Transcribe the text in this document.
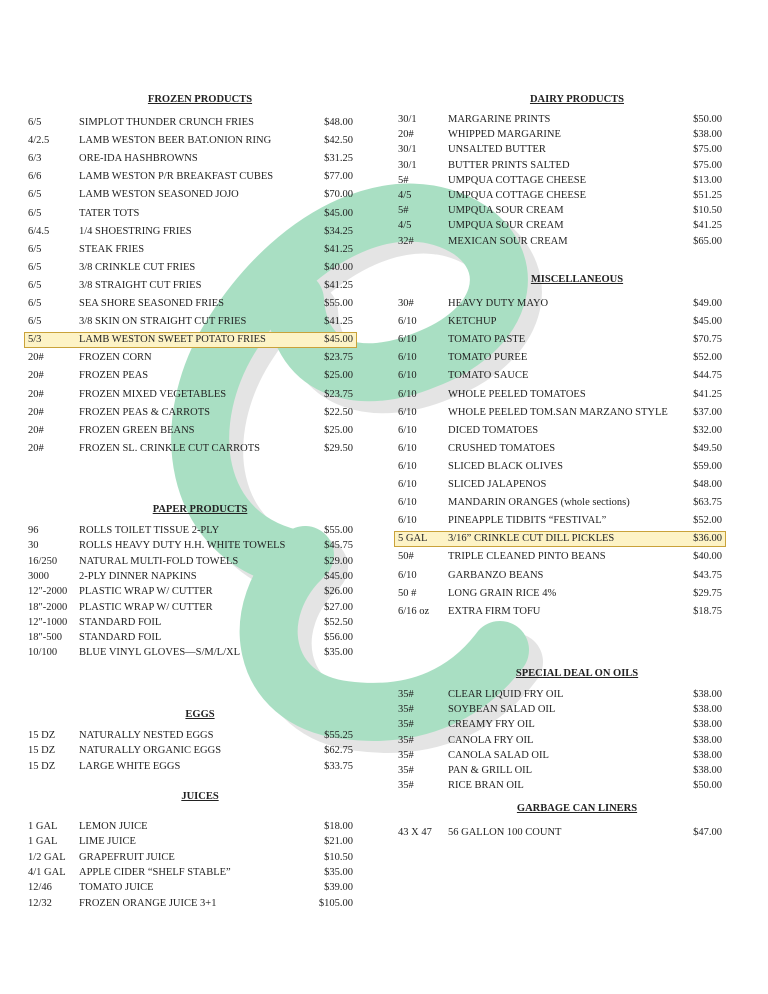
FROZEN PRODUCTS
6/5	SIMPLOT THUNDER CRUNCH FRIES	$48.00
4/2.5	LAMB WESTON BEER BAT.ONION RING	$42.50
6/3	ORE-IDA HASHBROWNS	$31.25
6/6	LAMB WESTON P/R BREAKFAST CUBES	$77.00
6/5	LAMB WESTON SEASONED JOJO	$70.00
6/5	TATER TOTS	$45.00
6/4.5	1/4 SHOESTRING FRIES	$34.25
6/5	STEAK FRIES	$41.25
6/5	3/8 CRINKLE CUT FRIES	$40.00
6/5	3/8 STRAIGHT CUT FRIES	$41.25
6/5	SEA SHORE SEASONED FRIES	$55.00
6/5	3/8 SKIN ON STRAIGHT CUT FRIES	$41.25
5/3	LAMB WESTON SWEET POTATO FRIES	$45.00
20#	FROZEN CORN	$23.75
20#	FROZEN PEAS	$25.00
20#	FROZEN MIXED VEGETABLES	$23.75
20#	FROZEN PEAS & CARROTS	$22.50
20#	FROZEN GREEN BEANS	$25.00
20#	FROZEN SL. CRINKLE CUT CARROTS	$29.50
PAPER PRODUCTS
96	ROLLS TOILET TISSUE 2-PLY	$55.00
30	ROLLS HEAVY DUTY H.H. WHITE TOWELS	$45.75
16/250 NATURAL MULTI-FOLD TOWELS	$29.00
3000	2-PLY DINNER NAPKINS	$45.00
12"-2000 PLASTIC WRAP W/ CUTTER	$26.00
18"-2000 PLASTIC WRAP W/ CUTTER	$27.00
12"-1000 STANDARD FOIL	$52.50
18"-500 STANDARD FOIL	$56.00
10/100 BLUE VINYL GLOVES—S/M/L/XL	$35.00
EGGS
15 DZ NATURALLY NESTED EGGS	$55.25
15 DZ NATURALLY ORGANIC EGGS	$62.75
15 DZ LARGE WHITE EGGS	$33.75
JUICES
1 GAL LEMON JUICE	$18.00
1 GAL LIME JUICE	$21.00
1/2 GAL GRAPEFRUIT JUICE	$10.50
4/1 GAL APPLE CIDER “SHELF STABLE”	$35.00
12/46	TOMATO JUICE	$39.00
12/32	FROZEN ORANGE JUICE 3+1	$105.00
DAIRY PRODUCTS
30/1	MARGARINE PRINTS	$50.00
20#	WHIPPED MARGARINE	$38.00
30/1	UNSALTED BUTTER	$75.00
30/1	BUTTER PRINTS SALTED	$75.00
5#	UMPQUA COTTAGE CHEESE	$13.00
4/5	UMPQUA COTTAGE CHEESE	$51.25
5#	UMPQUA SOUR CREAM	$10.50
4/5	UMPQUA SOUR CREAM	$41.25
32#	MEXICAN SOUR CREAM	$65.00
MISCELLANEOUS
30#	HEAVY DUTY MAYO	$49.00
6/10	KETCHUP	$45.00
6/10	TOMATO PASTE	$70.75
6/10	TOMATO PUREE	$52.00
6/10	TOMATO SAUCE	$44.75
6/10	WHOLE PEELED TOMATOES	$41.25
6/10	WHOLE PEELED TOM.SAN MARZANO STYLE	$37.00
6/10	DICED TOMATOES	$32.00
6/10	CRUSHED TOMATOES	$49.50
6/10	SLICED BLACK OLIVES	$59.00
6/10	SLICED JALAPENOS	$48.00
6/10	MANDARIN ORANGES (whole sections)	$63.75
6/10	PINEAPPLE TIDBITS “FESTIVAL”	$52.00
5 GAL 3/16” CRINKLE CUT DILL PICKLES	$36.00
50#	TRIPLE CLEANED PINTO BEANS	$40.00
6/10	GARBANZO BEANS	$43.75
50 #	LONG GRAIN RICE 4%	$29.75
6/16 oz EXTRA FIRM TOFU	$18.75
SPECIAL DEAL ON OILS
35#	CLEAR LIQUID FRY OIL	$38.00
35#	SOYBEAN SALAD OIL	$38.00
35#	CREAMY FRY OIL	$38.00
35#	CANOLA FRY OIL	$38.00
35#	CANOLA SALAD OIL	$38.00
35#	PAN & GRILL OIL	$38.00
35#	RICE BRAN OIL	$50.00
GARBAGE CAN LINERS
43 X 47 56 GALLON 100 COUNT	$47.00
